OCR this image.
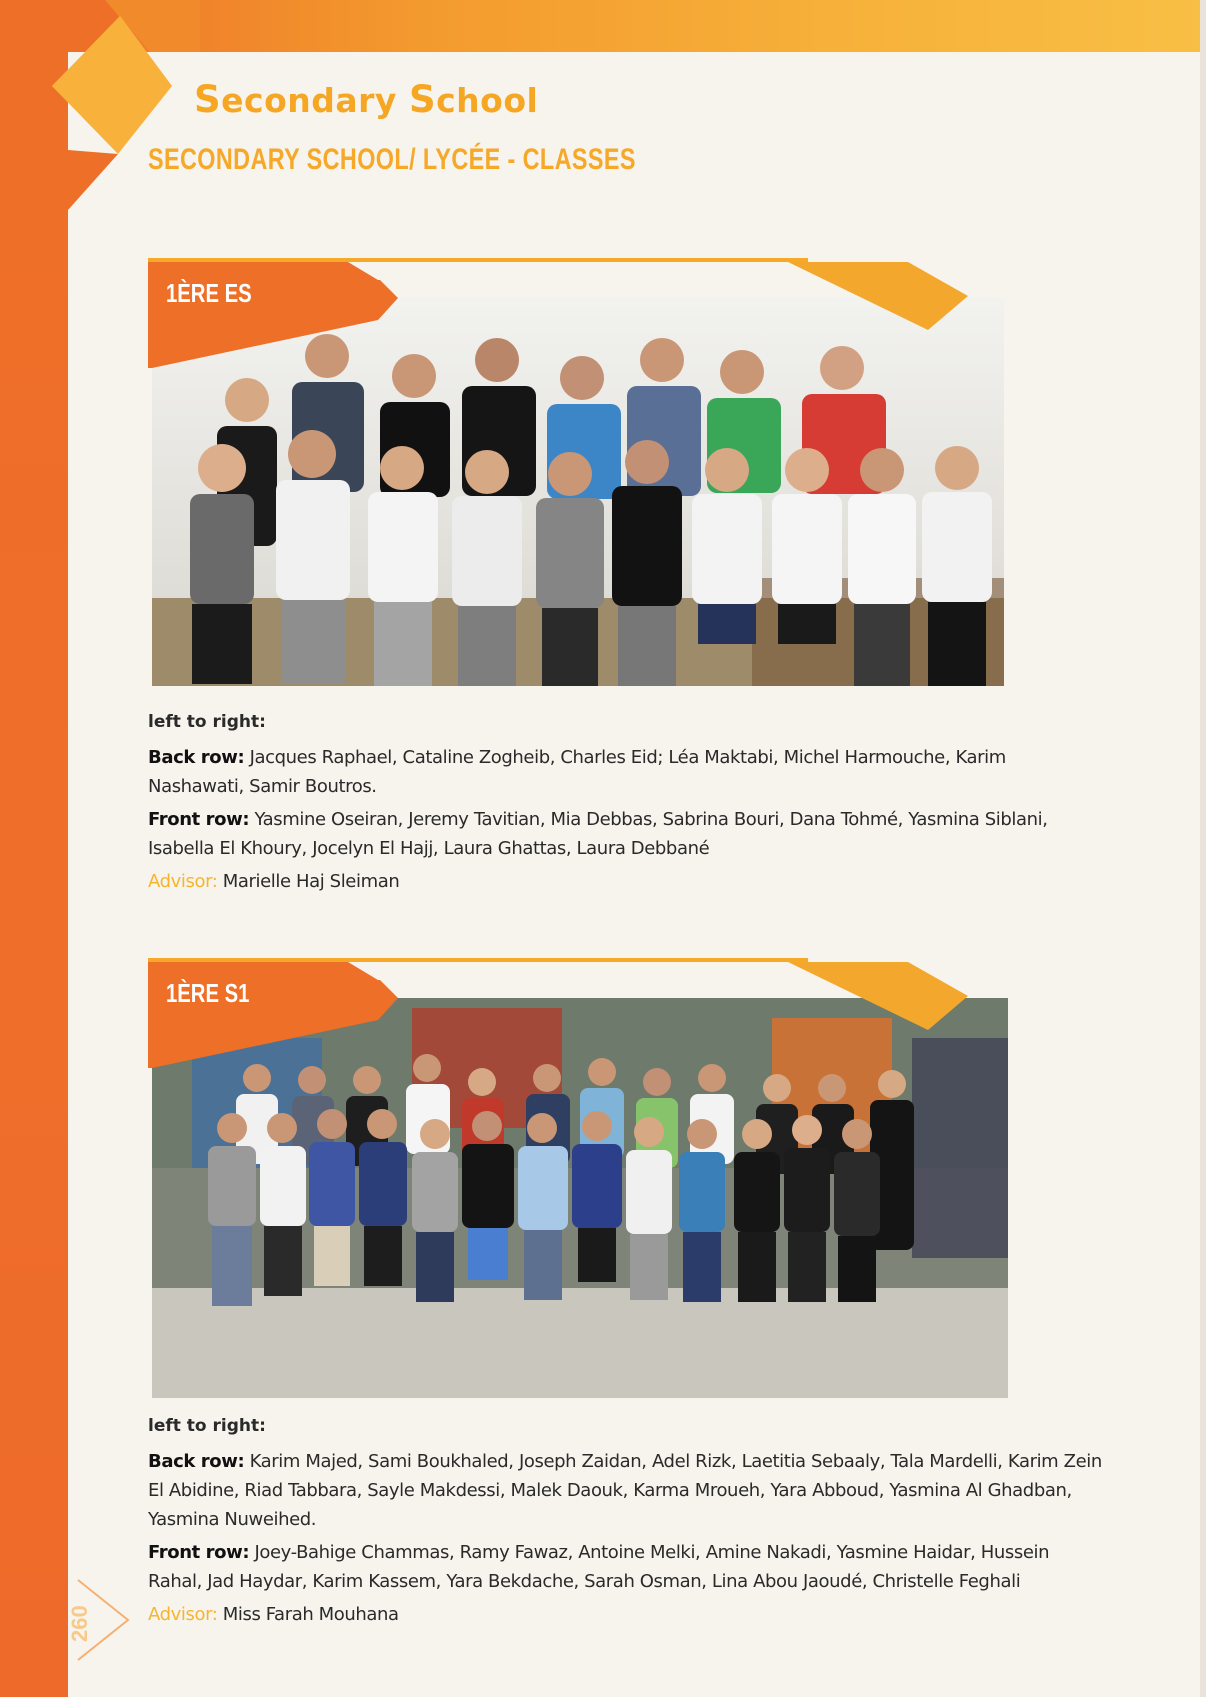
Secondary School
SECONDARY SCHOOL/ LYCÉE - CLASSES
1ÈRE ES
left to right:

Back row: Jacques Raphael, Cataline Zogheib, Charles Eid; Léa Maktabi, Michel Harmouche, Karim Nashawati, Samir Boutros.

Front row: Yasmine Oseiran, Jeremy Tavitian, Mia Debbas, Sabrina Bouri, Dana Tohmé, Yasmina Siblani, Isabella El Khoury, Jocelyn El Hajj, Laura Ghattas, Laura Debbané

Advisor: Marielle Haj Sleiman

1ÈRE S1
left to right:

Back row: Karim Majed, Sami Boukhaled, Joseph Zaidan, Adel Rizk, Laetitia Sebaaly, Tala Mardelli, Karim Zein El Abidine, Riad Tabbara, Sayle Makdessi, Malek Daouk, Karma Mroueh, Yara Abboud, Yasmina Al Ghadban, Yasmina Nuweihed.

Front row: Joey-Bahige Chammas, Ramy Fawaz, Antoine Melki, Amine Nakadi, Yasmine Haidar, Hussein Rahal, Jad Haydar, Karim Kassem, Yara Bekdache, Sarah Osman, Lina Abou Jaoudé, Christelle Feghali

Advisor: Miss Farah Mouhana

260
